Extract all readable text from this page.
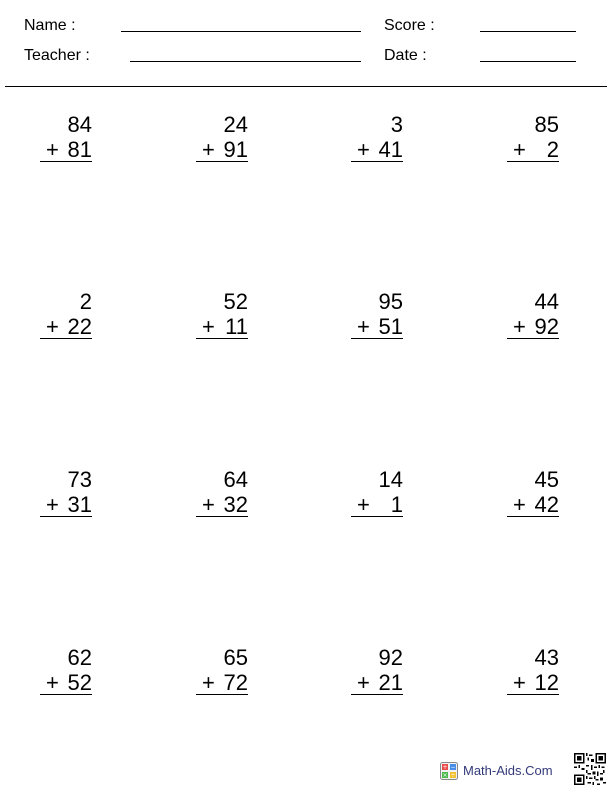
Name :	Score :
Teacher :	Date :
84
+ 81
24
+ 91
3
+ 41
85
+ 2
2
+ 22
52
+ 11
95
+ 51
44
+ 92
73
+ 31
64
+ 32
14
+ 1
45
+ 42
62
+ 52
65
+ 72
92
+ 21
43
+ 12
+ −
× ÷ Math-Aids.Com
